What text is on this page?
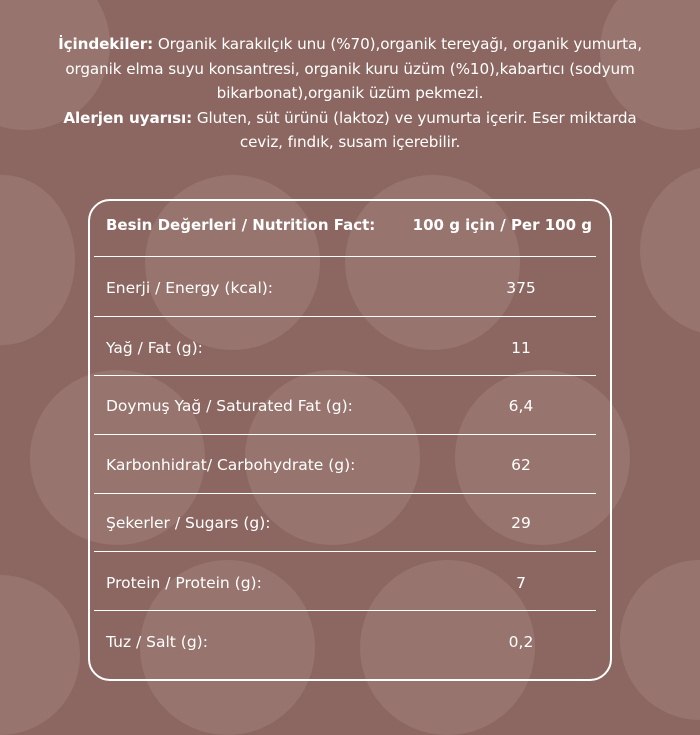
İçindekiler: Organik karakılçık unu (%70),organik tereyağı, organik yumurta,
organik elma suyu konsantresi, organik kuru üzüm (%10),kabartıcı (sodyum
bikarbonat),organik üzüm pekmezi.
Alerjen uyarısı: Gluten, süt ürünü (laktoz) ve yumurta içerir. Eser miktarda
ceviz, fındık, susam içerebilir.
Besin Değerleri / Nutrition Fact: 100 g için / Per 100 g
Enerji / Energy (kcal):	375
Yağ / Fat (g):	11
Doymuş Yağ / Saturated Fat (g):	6,4
Karbonhidrat/ Carbohydrate (g):	62
Şekerler / Sugars (g):	29
Protein / Protein (g):	7
Tuz / Salt (g):	0,2
